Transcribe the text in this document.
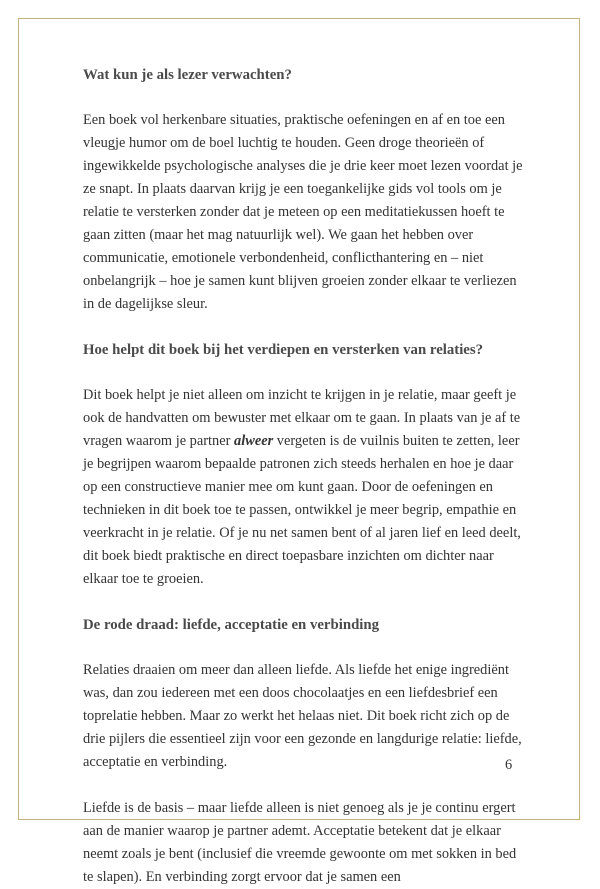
Wat kun je als lezer verwachten?

Een boek vol herkenbare situaties, praktische oefeningen en af en toe een vleugje humor om de boel luchtig te houden. Geen droge theorieën of ingewikkelde psychologische analyses die je drie keer moet lezen voordat je ze snapt. In plaats daarvan krijg je een toegankelijke gids vol tools om je relatie te versterken zonder dat je meteen op een meditatiekussen hoeft te gaan zitten (maar het mag natuurlijk wel). We gaan het hebben over communicatie, emotionele verbondenheid, conflicthantering en – niet onbelangrijk – hoe je samen kunt blijven groeien zonder elkaar te verliezen in de dagelijkse sleur.

Hoe helpt dit boek bij het verdiepen en versterken van relaties?

Dit boek helpt je niet alleen om inzicht te krijgen in je relatie, maar geeft je ook de handvatten om bewuster met elkaar om te gaan. In plaats van je af te vragen waarom je partner alweer vergeten is de vuilnis buiten te zetten, leer je begrijpen waarom bepaalde patronen zich steeds herhalen en hoe je daar op een constructieve manier mee om kunt gaan. Door de oefeningen en technieken in dit boek toe te passen, ontwikkel je meer begrip, empathie en veerkracht in je relatie. Of je nu net samen bent of al jaren lief en leed deelt, dit boek biedt praktische en direct toepasbare inzichten om dichter naar elkaar toe te groeien.

De rode draad: liefde, acceptatie en verbinding

Relaties draaien om meer dan alleen liefde. Als liefde het enige ingrediënt was, dan zou iedereen met een doos chocolaatjes en een liefdesbrief een toprelatie hebben. Maar zo werkt het helaas niet. Dit boek richt zich op de drie pijlers die essentieel zijn voor een gezonde en langdurige relatie: liefde, acceptatie en verbinding.

Liefde is de basis – maar liefde alleen is niet genoeg als je je continu ergert aan de manier waarop je partner ademt. Acceptatie betekent dat je elkaar neemt zoals je bent (inclusief die vreemde gewoonte om met sokken in bed te slapen). En verbinding zorgt ervoor dat je samen een

6
